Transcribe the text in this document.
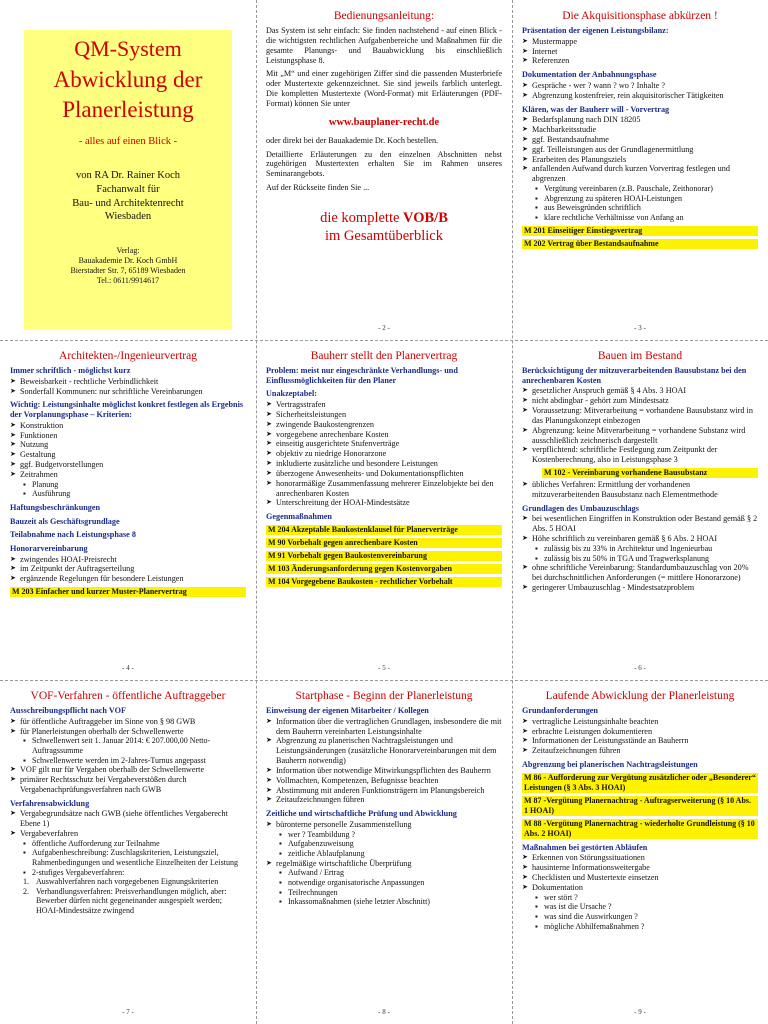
QM-System
Abwicklung der
Planerleistung
- alles auf einen Blick -
von RA Dr. Rainer Koch
Fachanwalt für
Bau- und Architektenrecht
Wiesbaden
Verlag:
Bauakademie Dr. Koch GmbH
Bierstadter Str. 7, 65189 Wiesbaden
Tel.: 0611/9914617
Bedienungsanleitung:

Das System ist sehr einfach: Sie finden nachstehend - auf einen Blick - die wichtigsten rechtlichen Aufgabenbereiche und Maßnahmen für die gesamte Planungs- und Bauabwicklung bis einschließlich Leistungsphase 8.

Mit „M“ und einer zugehörigen Ziffer sind die passenden Musterbriefe oder Mustertexte gekennzeichnet. Sie sind jeweils farblich unterlegt. Die kompletten Mustertexte (Word-Format) mit Erläuterungen (PDF-Format) können Sie unter

www.bauplaner-recht.de

oder direkt bei der Bauakademie Dr. Koch bestellen.

Detaillierte Erläuterungen zu den einzelnen Abschnitten nebst zugehörigen Mustertexten erhalten Sie im Rahmen unseres Seminarangebots.

Auf der Rückseite finden Sie ...

die komplette VOB/B
im Gesamtüberblick
- 2 -
Die Akquisitionsphase abkürzen !
Präsentation der eigenen Leistungsbilanz:

➤ Mustermappe

➤ Internet

➤ Referenzen

Dokumentation der Anbahnungsphase

➤ Gespräche - wer ? wann ? wo ? Inhalte ?

➤ Abgrenzung kostenfreier, rein akquisitorischer Tätigkeiten

Klären, was der Bauherr will - Vorvertrag

➤ Bedarfsplanung nach DIN 18205

➤ Machbarkeitsstudie

➤ ggf. Bestandsaufnahme

➤ ggf. Teilleistungen aus der Grundlagenermittlung

➤ Erarbeiten des Planungsziels

➤ anfallenden Aufwand durch kurzen Vorvertrag festlegen und abgrenzen

▪ Vergütung vereinbaren (z.B. Pauschale, Zeithonorar)

▪ Abgrenzung zu späteren HOAI-Leistungen

▪ aus Beweisgründen schriftlich

▪ klare rechtliche Verhältnisse von Anfang an

M 201 Einseitiger Einstiegsvertrag
M 202 Vertrag über Bestandsaufnahme
- 3 -
Architekten-/Ingenieurvertrag
Immer schriftlich - möglichst kurz

➤ Beweisbarkeit - rechtliche Verbindlichkeit

➤ Sonderfall Kommunen: nur schriftliche Vereinbarungen

Wichtig: Leistungsinhalte möglichst konkret festlegen als Ergebnis der Vorplanungsphase – Kriterien:

➤ Konstruktion

➤ Funktionen

➤ Nutzung

➤ Gestaltung

➤ ggf. Budgetvorstellungen

➤ Zeitrahmen

▪ Planung

▪ Ausführung

Haftungsbeschränkungen
Bauzeit als Geschäftsgrundlage
Teilabnahme nach Leistungsphase 8
Honorarvereinbarung

➤ zwingendes HOAI-Preisrecht

➤ im Zeitpunkt der Auftragserteilung

➤ ergänzende Regelungen für besondere Leistungen

M 203 Einfacher und kurzer Muster-Planervertrag
- 4 -
Bauherr stellt den Planervertrag
Problem: meist nur eingeschränkte Verhandlungs- und Einflussmöglichkeiten für den Planer
Unakzeptabel:

➤ Vertragsstrafen

➤ Sicherheitsleistungen

➤ zwingende Baukostengrenzen

➤ vorgegebene anrechenbare Kosten

➤ einseitig ausgerichtete Stufenverträge

➤ objektiv zu niedrige Honorarzone

➤ inkludierte zusätzliche und besondere Leistungen

➤ überzogene Anwesenheits- und Dokumentationspflichten

➤ honorarmäßige Zusammenfassung mehrerer Einzelobjekte bei den anrechenbaren Kosten

➤ Unterschreitung der HOAI-Mindestsätze

Gegenmaßnahmen
M 204 Akzeptable Baukostenklausel für Planerverträge
M 90 Vorbehalt gegen anrechenbare Kosten
M 91 Vorbehalt gegen Baukostenvereinbarung
M 103 Änderungsanforderung gegen Kostenvorgaben
M 104 Vorgegebene Baukosten - rechtlicher Vorbehalt
- 5 -
Bauen im Bestand
Berücksichtigung der mitzuverarbeitenden Bausubstanz bei den anrechenbaren Kosten

➤ gesetzlicher Anspruch gemäß § 4 Abs. 3 HOAI

➤ nicht abdingbar - gehört zum Mindestsatz

➤ Voraussetzung: Mitverarbeitung = vorhandene Bausubstanz wird in das Planungskonzept einbezogen

➤ Abgrenzung: keine Mitverarbeitung = vorhandene Substanz wird ausschließlich zeichnerisch dargestellt

➤ verpflichtend: schriftliche Festlegung zum Zeitpunkt der Kostenberechnung, also in Leistungsphase 3

M 102 - Vereinbarung vorhandene Bausubstanz

➤ übliches Verfahren: Ermittlung der vorhandenen mitzuverarbeitenden Bausubstanz nach Elementmethode

Grundlagen des Umbauzuschlags

➤ bei wesentlichen Eingriffen in Konstruktion oder Bestand gemäß § 2 Abs. 5 HOAI

➤ Höhe schriftlich zu vereinbaren gemäß § 6 Abs. 2 HOAI

▪ zulässig bis zu 33% in Architektur und Ingenieurbau

▪ zulässig bis zu 50% in TGA und Tragwerksplanung

➤ ohne schriftliche Vereinbarung: Standardumbauzuschlag von 20% bei durchschnittlichen Anforderungen (= mittlere Honorarzone)

➤ geringerer Umbauzuschlag - Mindestsatzproblem

- 6 -
VOF-Verfahren - öffentliche Auftraggeber
Ausschreibungspflicht nach VOF

➤ für öffentliche Auftraggeber im Sinne von § 98 GWB

➤ für Planerleistungen oberhalb der Schwellenwerte

▪ Schwellenwert seit 1. Januar 2014: € 207.000,00 Netto-Auftragssumme

▪ Schwellenwerte werden im 2-Jahres-Turnus angepasst

➤ VOF gilt nur für Vergaben oberhalb der Schwellenwerte

➤ primärer Rechtsschutz bei Vergabeverstößen durch Vergabenachprüfungsverfahren nach GWB

Verfahrensabwicklung

➤ Vergabegrundsätze nach GWB (siehe öffentliches Vergaberecht Ebene 1)

➤ Vergabeverfahren

▪ öffentliche Aufforderung zur Teilnahme

▪ Aufgabenbeschreibung: Zuschlagskriterien, Leistungsziel, Rahmenbedingungen und wesentliche Einzelheiten der Leistung

▪ 2-stufiges Vergabeverfahren:

1. Auswahlverfahren nach vorgegebenen Eignungskriterien

2. Verhandlungsverfahren: Preisverhandlungen möglich, aber: Bewerber dürfen nicht gegeneinander ausgespielt werden; HOAI-Mindestsätze zwingend

- 7 -
Startphase - Beginn der Planerleistung
Einweisung der eigenen Mitarbeiter / Kollegen

➤ Information über die vertraglichen Grundlagen, insbesondere die mit dem Bauherrn vereinbarten Leistungsinhalte

➤ Abgrenzung zu planerischen Nachtragsleistungen und Leistungsänderungen (zusätzliche Honorarvereinbarungen mit dem Bauherrn notwendig)

➤ Information über notwendige Mitwirkungspflichten des Bauherrn

➤ Vollmachten, Kompetenzen, Befugnisse beachten

➤ Abstimmung mit anderen Funktionsträgern im Planungsbereich

➤ Zeitaufzeichnungen führen

Zeitliche und wirtschaftliche Prüfung und Abwicklung

➤ büronterne personelle Zusammenstellung

▪ wer ? Teambildung ?

▪ Aufgabenzuweisung

▪ zeitliche Ablaufplanung

➤ regelmäßige wirtschaftliche Überprüfung

▪ Aufwand / Ertrag

▪ notwendige organisatorische Anpassungen

▪ Teilrechnungen

▪ Inkassomaßnahmen (siehe letzter Abschnitt)

- 8 -
Laufende Abwicklung der Planerleistung
Grundanforderungen

➤ vertragliche Leistungsinhalte beachten

➤ erbrachte Leistungen dokumentieren

➤ Informationen der Leistungsstände an Bauherrn

➤ Zeitaufzeichnungen führen

Abgrenzung bei planerischen Nachtragsleistungen
M 86 - Aufforderung zur Vergütung zusätzlicher oder „Besonderer“ Leistungen (§ 3 Abs. 3 HOAI)
M 87 -Vergütung Planernachtrag - Auftragserweiterung (§ 10 Abs. 1 HOAI)
M 88 -Vergütung Planernachtrag - wiederholte Grundleistung (§ 10 Abs. 2 HOAI)
Maßnahmen bei gestörten Abläufen

➤ Erkennen von Störungssituationen

➤ hausinterne Informationsweitergabe

➤ Checklisten und Mustertexte einsetzen

➤ Dokumentation

▪ wer stört ?

▪ was ist die Ursache ?

▪ was sind die Auswirkungen ?

▪ mögliche Abhilfemaßnahmen ?

- 9 -
